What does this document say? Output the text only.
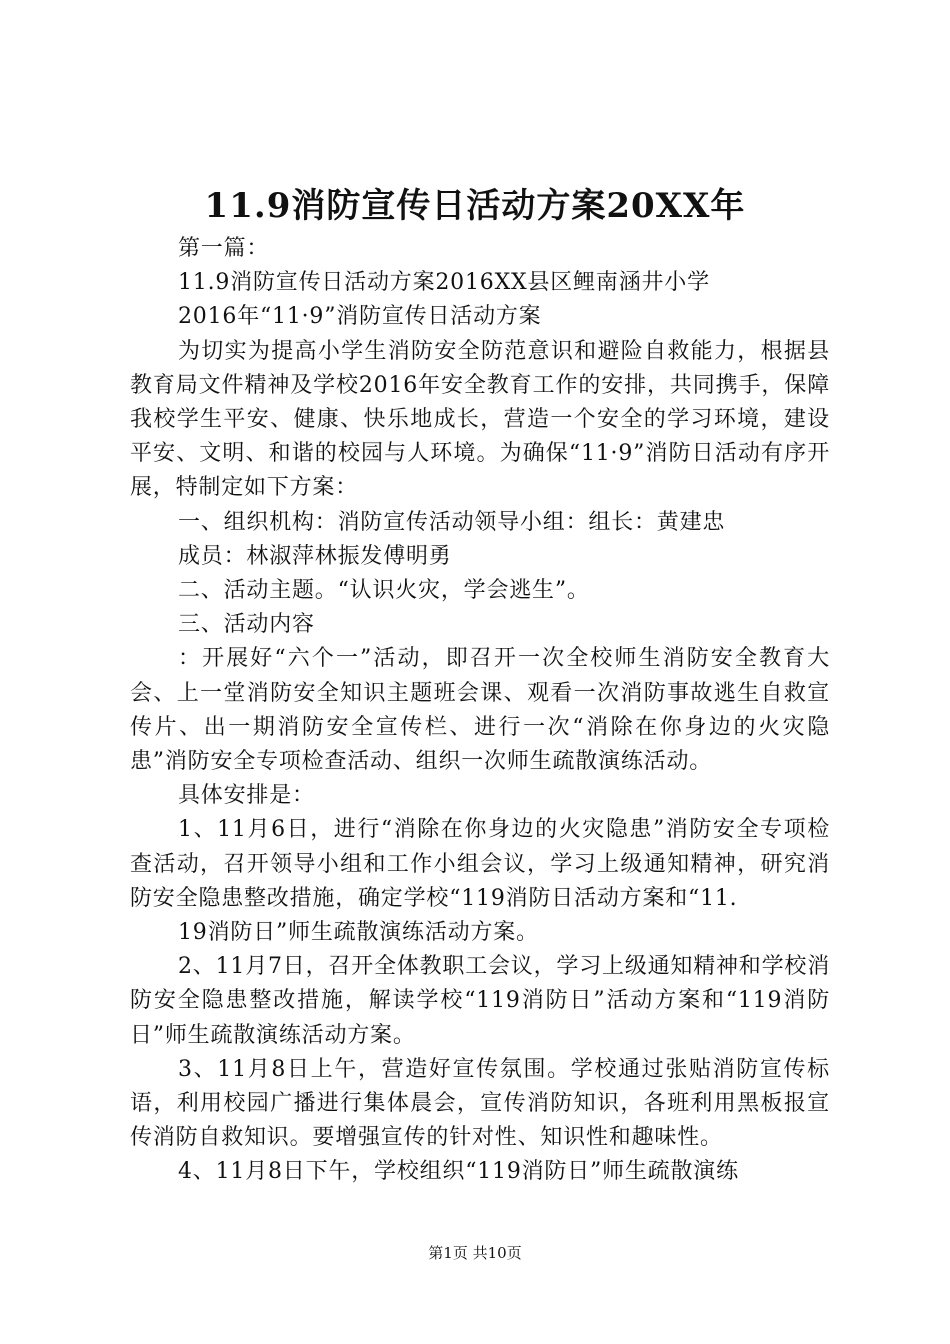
11.9消防宣传日活动方案20XX年

第一篇：

11.9消防宣传日活动方案2016XX县区鲤南涵井小学

2016年“11·9”消防宣传日活动方案

为切实为提高小学生消防安全防范意识和避险自救能力，根据县教育局文件精神及学校2016年安全教育工作的安排，共同携手，保障我校学生平安、健康、快乐地成长，营造一个安全的学习环境，建设平安、文明、和谐的校园与人环境。为确保“11·9”消防日活动有序开展，特制定如下方案：

一、组织机构：消防宣传活动领导小组：组长：黄建忠

成员：林淑萍林振发傅明勇

二、活动主题。“认识火灾，学会逃生”。

三、活动内容

：开展好“六个一”活动，即召开一次全校师生消防安全教育大会、上一堂消防安全知识主题班会课、观看一次消防事故逃生自救宣传片、出一期消防安全宣传栏、进行一次“消除在你身边的火灾隐患”消防安全专项检查活动、组织一次师生疏散演练活动。

具体安排是：

1、11月6日，进行“消除在你身边的火灾隐患”消防安全专项检查活动，召开领导小组和工作小组会议，学习上级通知精神，研究消防安全隐患整改措施，确定学校“119消防日活动方案和“11.

19消防日”师生疏散演练活动方案。

2、11月7日，召开全体教职工会议，学习上级通知精神和学校消防安全隐患整改措施，解读学校“119消防日”活动方案和“119消防日”师生疏散演练活动方案。

3、11月8日上午，营造好宣传氛围。学校通过张贴消防宣传标语，利用校园广播进行集体晨会，宣传消防知识，各班利用黑板报宣传消防自救知识。要增强宣传的针对性、知识性和趣味性。

4、11月8日下午，学校组织“119消防日”师生疏散演练

第1页 共10页
